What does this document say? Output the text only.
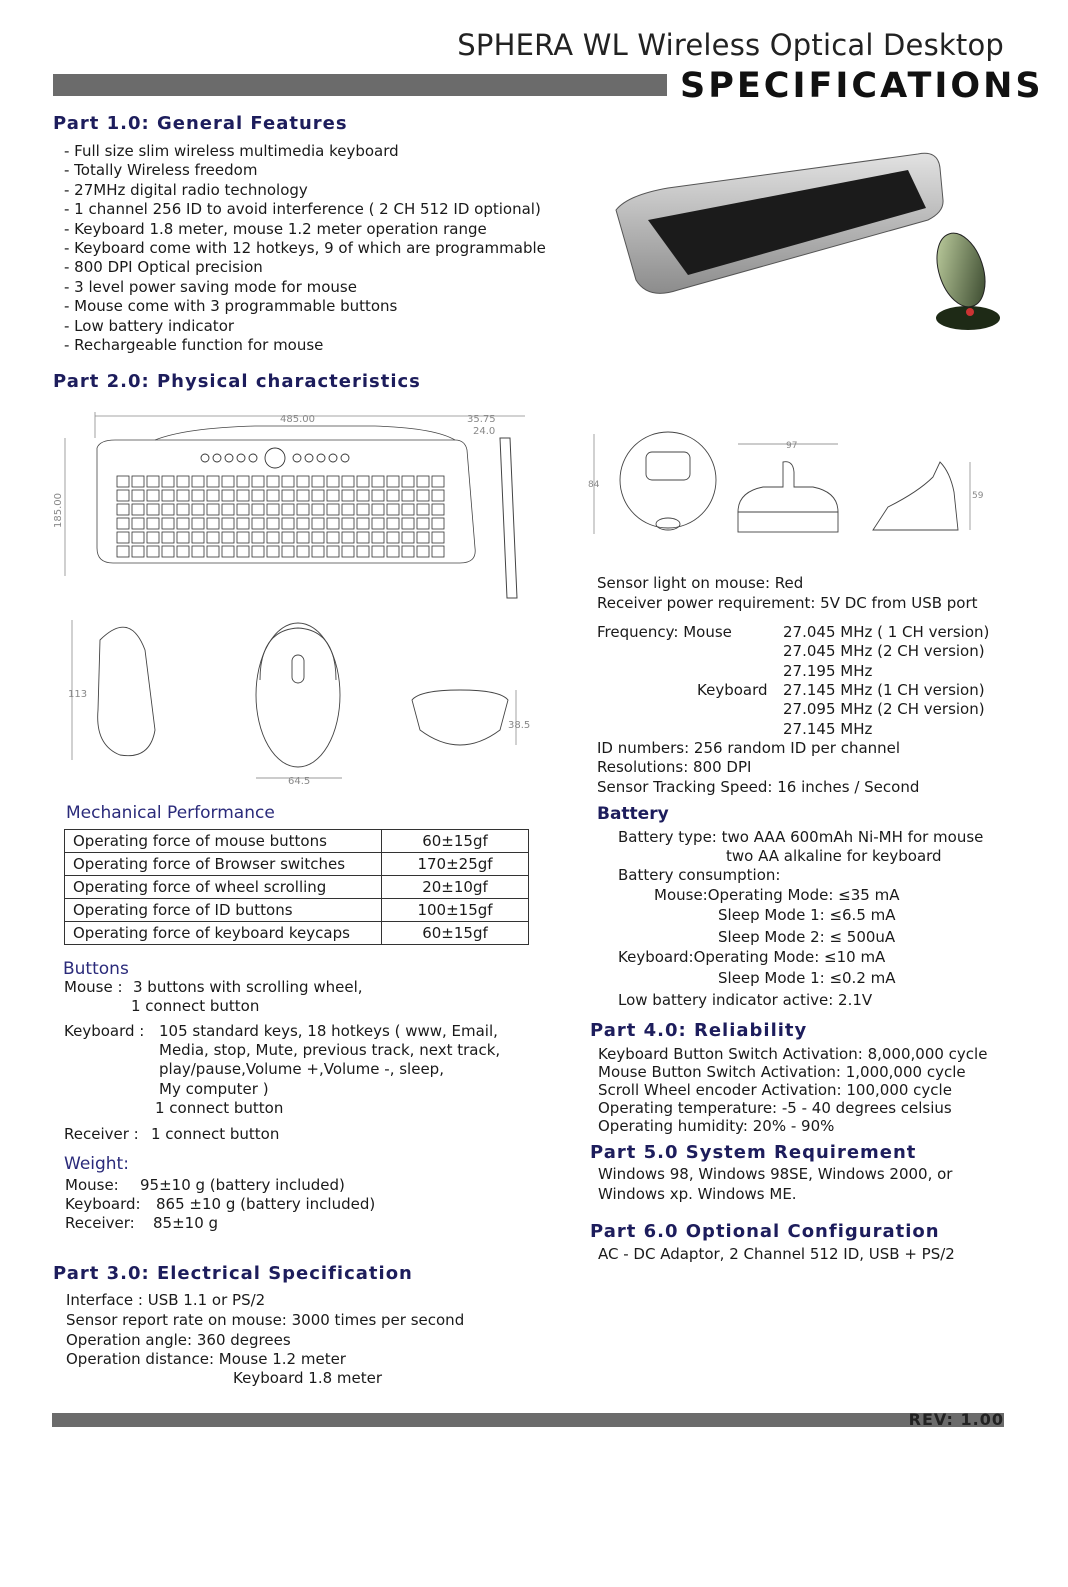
SPHERA WL Wireless Optical Desktop
SPECIFICATIONS
Part 1.0: General Features
- Full size slim wireless multimedia keyboard
- Totally Wireless freedom
- 27MHz digital radio technology
- 1 channel 256 ID to avoid interference ( 2 CH 512 ID optional)
- Keyboard 1.8 meter, mouse 1.2 meter operation range
- Keyboard come with 12 hotkeys, 9 of which are programmable
- 800 DPI Optical precision
- 3 level power saving mode for mouse
- Mouse come with 3 programmable buttons
- Low battery indicator
- Rechargeable function for mouse
Part 2.0: Physical characteristics
485.00
185.00
35.75
24.0
113
64.5
38.5
84
97
59
Mechanical Performance
Operating force of mouse buttons	60±15gf
Operating force of Browser switches	170±25gf
Operating force of wheel scrolling	20±10gf
Operating force of ID buttons	100±15gf
Operating force of keyboard keycaps	60±15gf
Buttons
Mouse : 3 buttons with scrolling wheel,
1 connect button
Keyboard : 105 standard keys, 18 hotkeys ( www, Email,
Media, stop, Mute, previous track, next track,
play/pause,Volume +,Volume -, sleep,
My computer )
1 connect button
Receiver : 1 connect button
Weight:
Mouse: 95±10 g (battery included)
Keyboard: 865 ±10 g (battery included)
Receiver: 85±10 g
Part 3.0: Electrical Specification
Interface : USB 1.1 or PS/2
Sensor report rate on mouse: 3000 times per second
Operation angle: 360 degrees
Operation distance: Mouse 1.2 meter
Keyboard 1.8 meter
Sensor light on mouse: Red
Receiver power requirement: 5V DC from USB port
Frequency: Mouse	27.045 MHz ( 1 CH version)
27.045 MHz (2 CH version)
27.195 MHz
Keyboard 27.145 MHz (1 CH version)
27.095 MHz (2 CH version)
27.145 MHz
ID numbers: 256 random ID per channel
Resolutions: 800 DPI
Sensor Tracking Speed: 16 inches / Second
Battery
Battery type: two AAA 600mAh Ni-MH for mouse
two AA alkaline for keyboard
Battery consumption:
Mouse:Operating Mode: ≤35 mA
Sleep Mode 1: ≤6.5 mA
Sleep Mode 2: ≤ 500uA
Keyboard:Operating Mode: ≤10 mA
Sleep Mode 1: ≤0.2 mA
Low battery indicator active: 2.1V
Part 4.0: Reliability
Keyboard Button Switch Activation: 8,000,000 cycle
Mouse Button Switch Activation: 1,000,000 cycle
Scroll Wheel encoder Activation: 100,000 cycle
Operating temperature: -5 - 40 degrees celsius
Operating humidity: 20% - 90%
Part 5.0 System Requirement
Windows 98, Windows 98SE, Windows 2000, or
Windows xp. Windows ME.
Part 6.0 Optional Configuration
AC - DC Adaptor, 2 Channel 512 ID, USB + PS/2
REV: 1.00
